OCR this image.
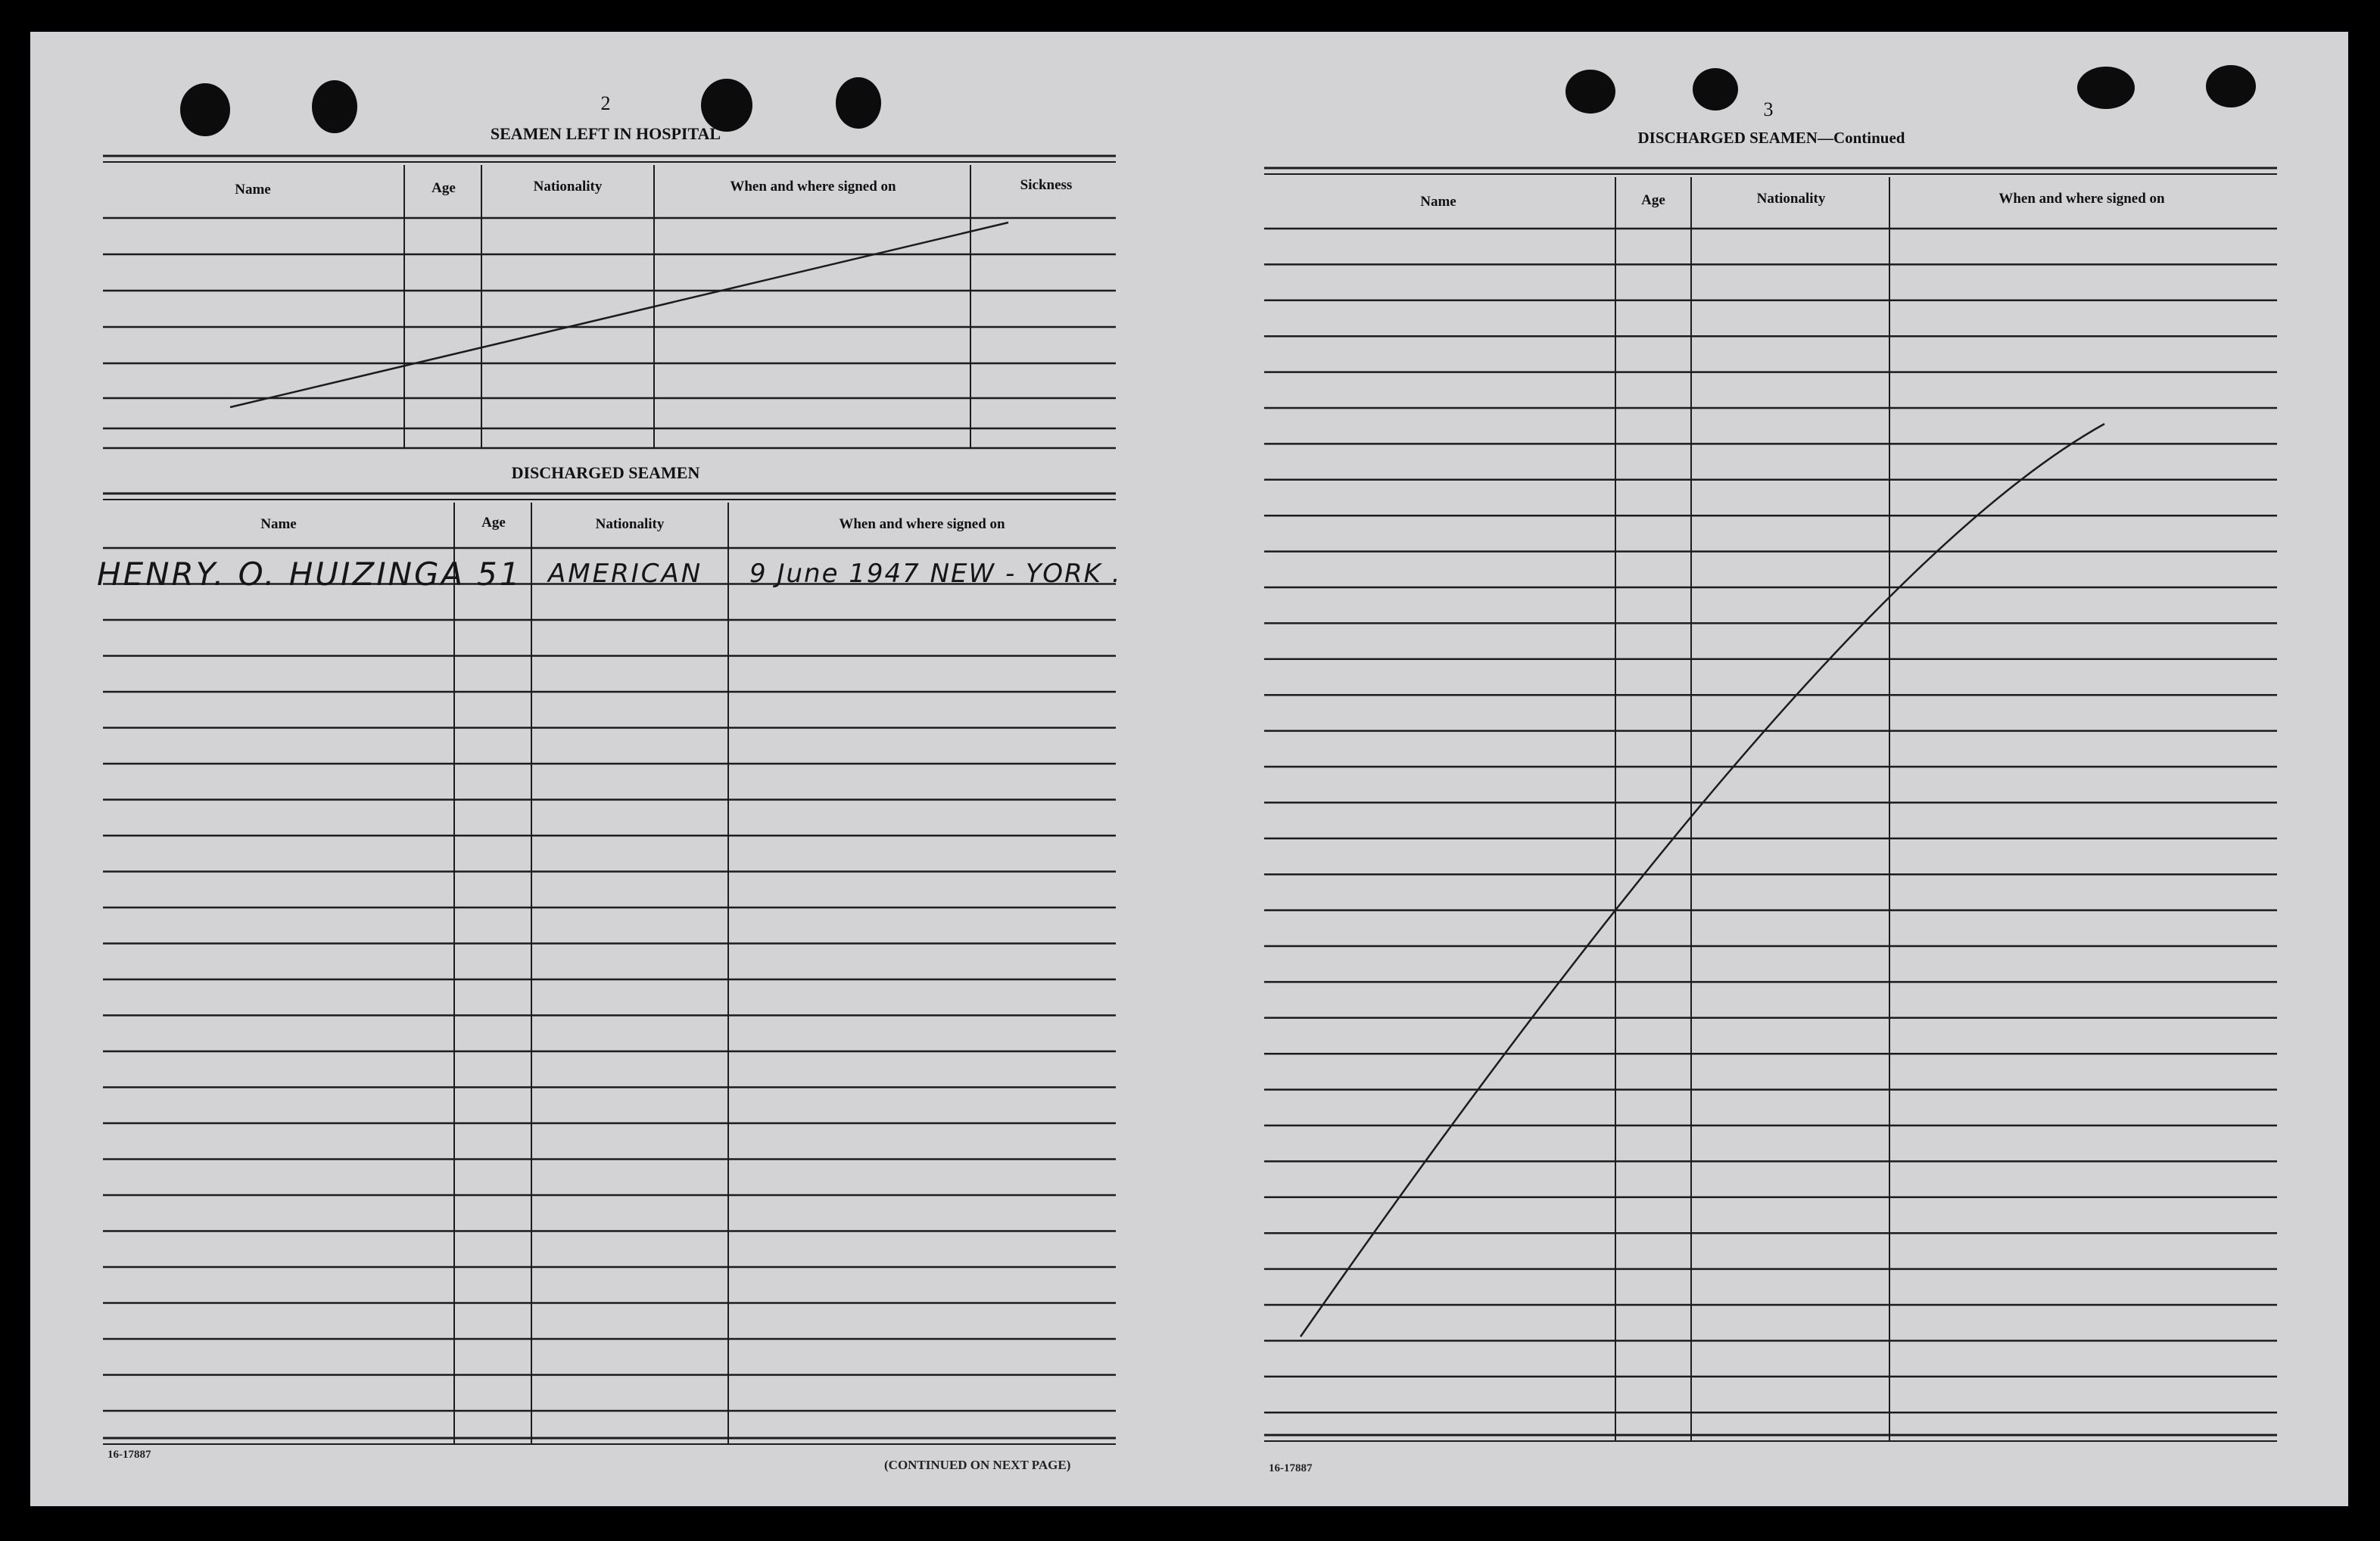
2
SEAMEN LEFT IN HOSPITAL
Name	Age	Nationality	When and where signed on	Sickness
DISCHARGED SEAMEN
Name	Age	Nationality	When and where signed on
HENRY. O. HUIZINGA 51 AMERICAN 9 June 1947 NEW - YORK .
16-17887
(CONTINUED ON NEXT PAGE)
3
DISCHARGED SEAMEN—Continued
Name	Age	Nationality	When and where signed on
16-17887
